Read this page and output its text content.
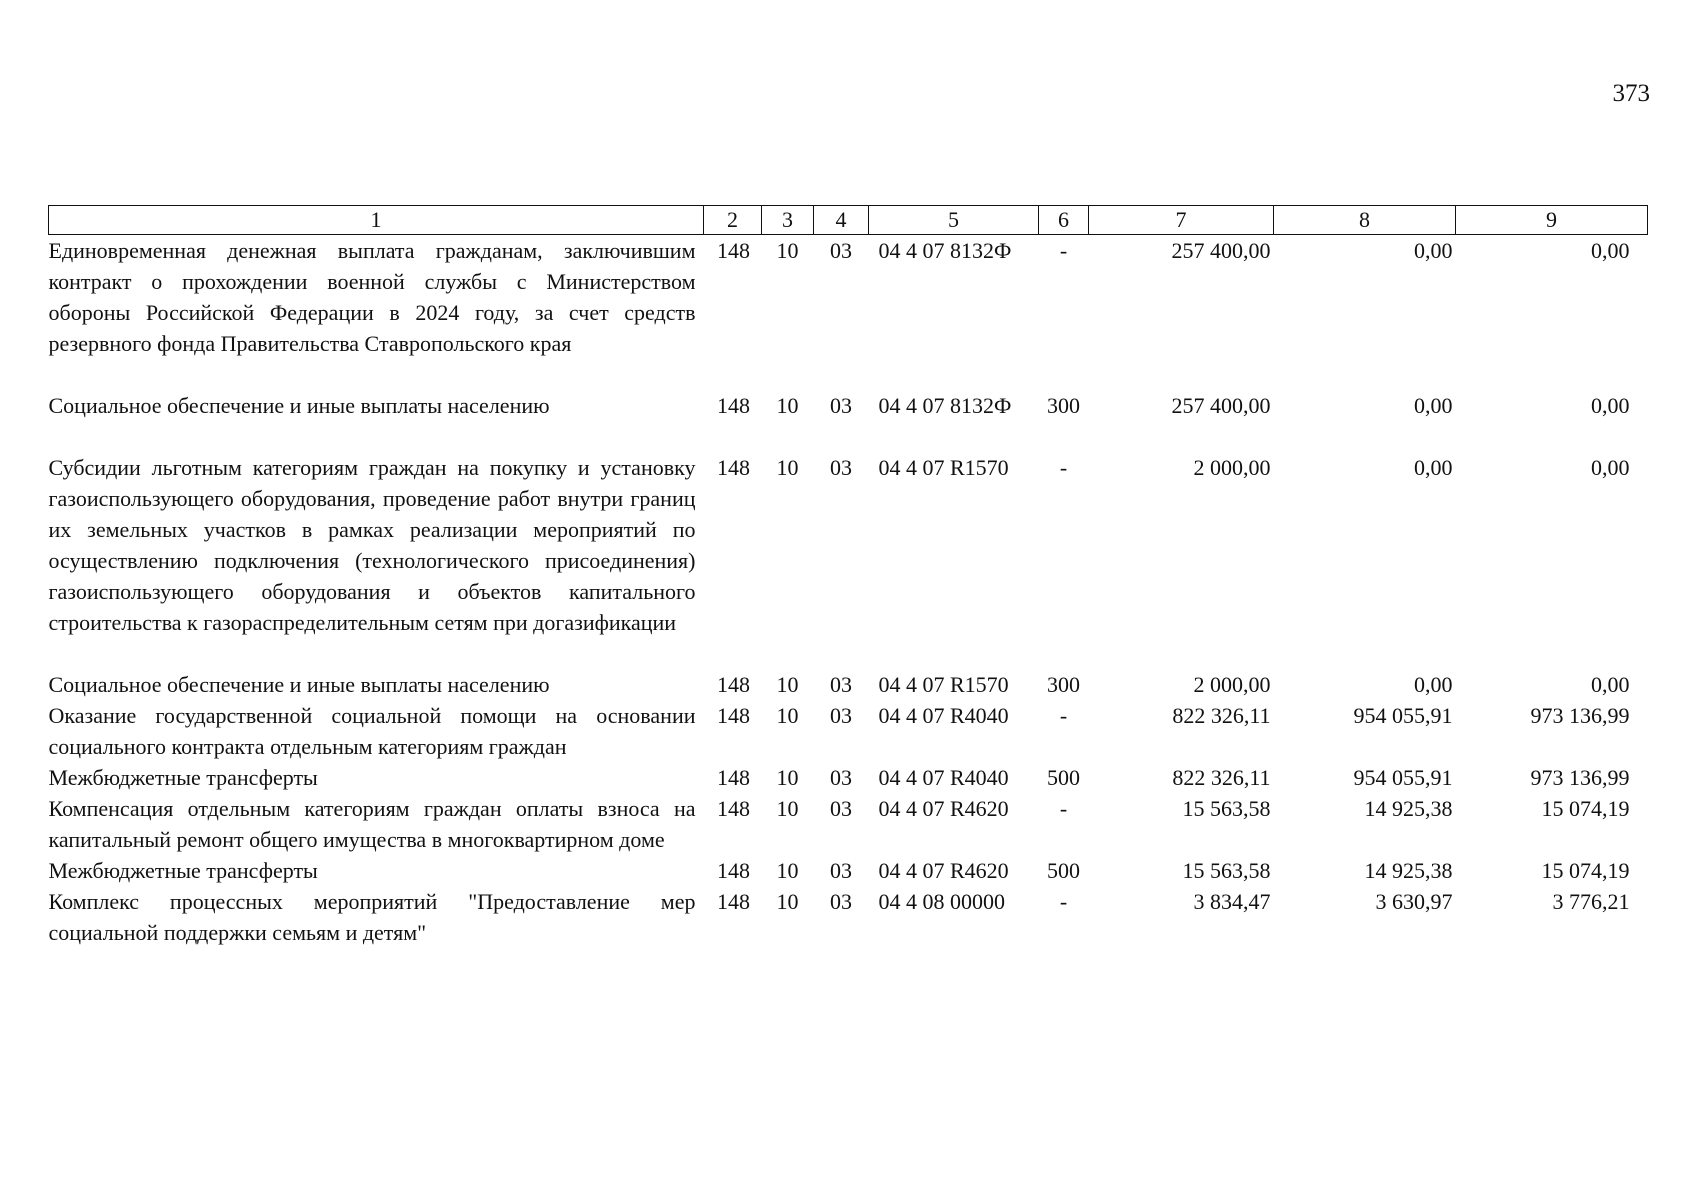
373
1	2	3	4	5	6	7	8	9
Единовременная денежная выплата гражданам, заключившим контракт о прохождении военной службы с Министерством обороны Российской Федерации в 2024 году, за счет средств резервного фонда Правительства Ставропольского края	148	10	03	04 4 07 8132Ф	-	257 400,00	0,00	0,00

Социальное обеспечение и иные выплаты населению	148	10	03	04 4 07 8132Ф	300	257 400,00	0,00	0,00

Субсидии льготным категориям граждан на покупку и установку газоиспользующего оборудования, проведение работ внутри границ их земельных участков в рамках реализации мероприятий по осуществлению подключения (технологического присоединения) газоиспользующего оборудования и объектов капитального строительства к газораспределительным сетям при догазификации	148	10	03	04 4 07 R1570	-	2 000,00	0,00	0,00

Социальное обеспечение и иные выплаты населению	148	10	03	04 4 07 R1570	300	2 000,00	0,00	0,00
Оказание государственной социальной помощи на основании социального контракта отдельным категориям граждан	148	10	03	04 4 07 R4040	-	822 326,11	954 055,91	973 136,99
Межбюджетные трансферты	148	10	03	04 4 07 R4040	500	822 326,11	954 055,91	973 136,99
Компенсация отдельным категориям граждан оплаты взноса на капитальный ремонт общего имущества в многоквартирном доме	148	10	03	04 4 07 R4620	-	15 563,58	14 925,38	15 074,19
Межбюджетные трансферты	148	10	03	04 4 07 R4620	500	15 563,58	14 925,38	15 074,19
Комплекс процессных мероприятий "Предоставление мер социальной поддержки семьям и детям"	148	10	03	04 4 08 00000	-	3 834,47	3 630,97	3 776,21
